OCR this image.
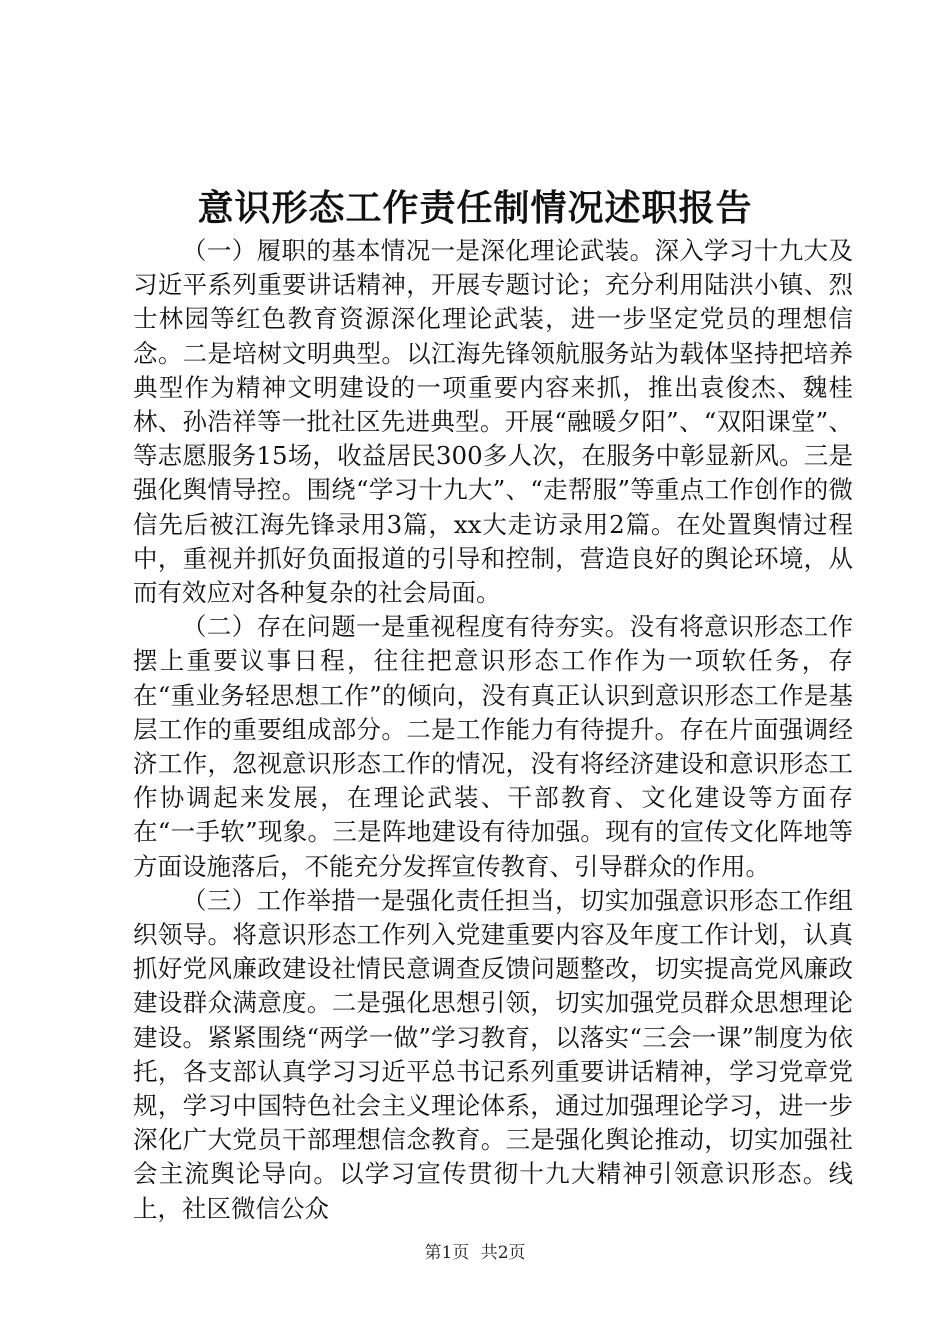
意识形态工作责任制情况述职报告

（一）履职的基本情况一是深化理论武装。深入学习十九大及习近平系列重要讲话精神，开展专题讨论；充分利用陆洪小镇、烈士林园等红色教育资源深化理论武装，进一步坚定党员的理想信念。二是培树文明典型。以江海先锋领航服务站为载体坚持把培养典型作为精神文明建设的一项重要内容来抓，推出袁俊杰、魏桂林、孙浩祥等一批社区先进典型。开展“融暖夕阳”、“双阳课堂”、等志愿服务15场，收益居民300多人次，在服务中彰显新风。三是强化舆情导控。围绕“学习十九大”、“走帮服”等重点工作创作的微信先后被江海先锋录用3篇，xx大走访录用2篇。在处置舆情过程中，重视并抓好负面报道的引导和控制，营造良好的舆论环境，从而有效应对各种复杂的社会局面。

（二）存在问题一是重视程度有待夯实。没有将意识形态工作摆上重要议事日程，往往把意识形态工作作为一项软任务，存在“重业务轻思想工作”的倾向，没有真正认识到意识形态工作是基层工作的重要组成部分。二是工作能力有待提升。存在片面强调经济工作，忽视意识形态工作的情况，没有将经济建设和意识形态工作协调起来发展，在理论武装、干部教育、文化建设等方面存在“一手软”现象。三是阵地建设有待加强。现有的宣传文化阵地等方面设施落后，不能充分发挥宣传教育、引导群众的作用。

（三）工作举措一是强化责任担当，切实加强意识形态工作组织领导。将意识形态工作列入党建重要内容及年度工作计划，认真抓好党风廉政建设社情民意调查反馈问题整改，切实提高党风廉政建设群众满意度。二是强化思想引领，切实加强党员群众思想理论建设。紧紧围绕“两学一做”学习教育，以落实“三会一课”制度为依托，各支部认真学习习近平总书记系列重要讲话精神，学习党章党规，学习中国特色社会主义理论体系，通过加强理论学习，进一步深化广大党员干部理想信念教育。三是强化舆论推动，切实加强社会主流舆论导向。以学习宣传贯彻十九大精神引领意识形态。线上，社区微信公众

第1页 共2页
